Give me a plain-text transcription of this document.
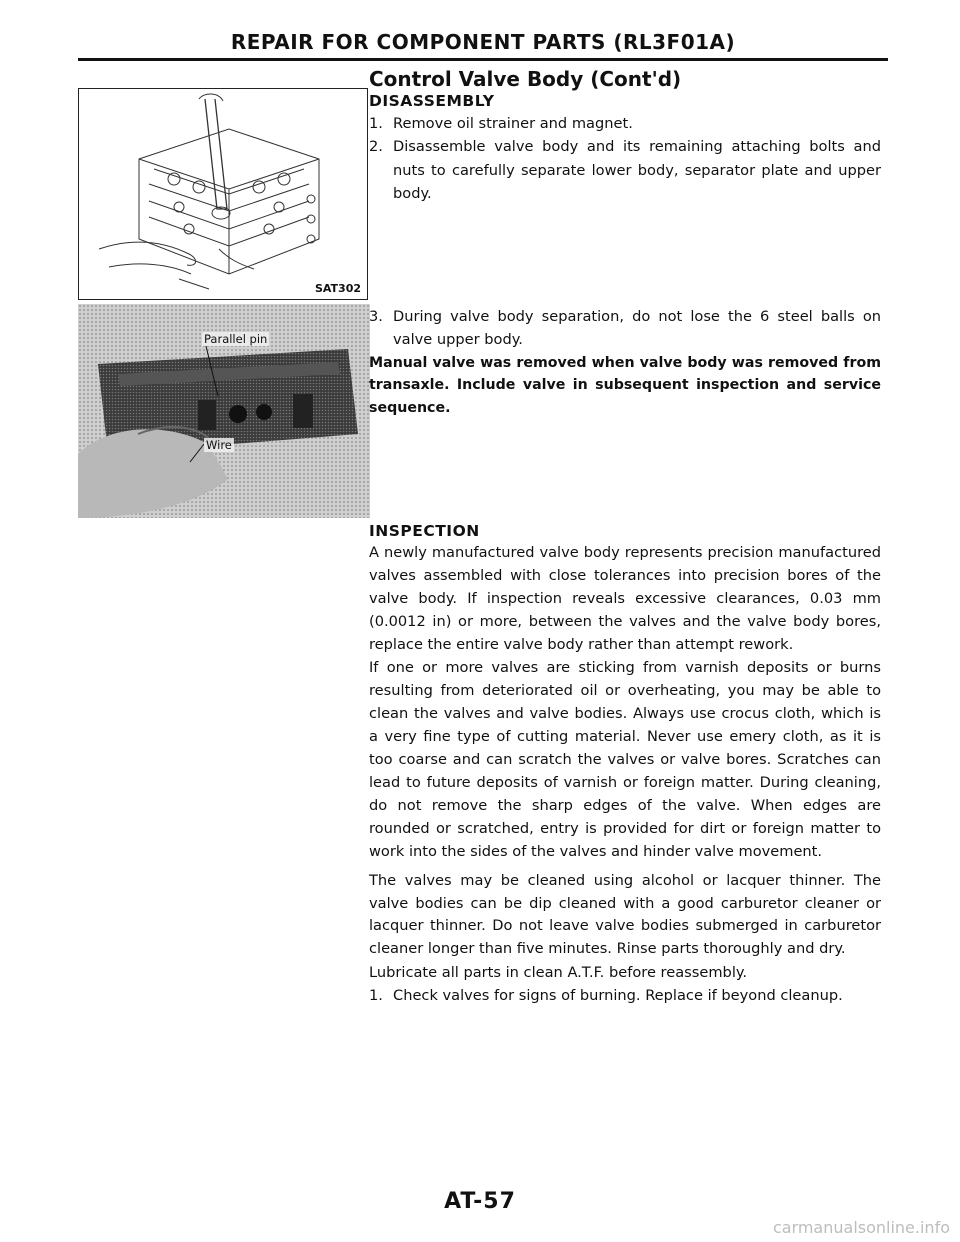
REPAIR FOR COMPONENT PARTS (RL3F01A)
SAT302
Parallel pin
Wire
Control Valve Body (Cont'd)
DISASSEMBLY
1. Remove oil strainer and magnet.
2. Disassemble valve body and its remaining attaching bolts and nuts to carefully separate lower body, separator plate and upper body.
3. During valve body separation, do not lose the 6 steel balls on valve upper body.
Manual valve was removed when valve body was removed from transaxle. Include valve in subsequent inspection and service sequence.
INSPECTION

A newly manufactured valve body represents precision manufactured valves assembled with close tolerances into precision bores of the valve body. If inspection reveals excessive clearances, 0.03 mm (0.0012 in) or more, between the valves and the valve body bores, replace the entire valve body rather than attempt rework.

If one or more valves are sticking from varnish deposits or burns resulting from deteriorated oil or overheating, you may be able to clean the valves and valve bodies. Always use crocus cloth, which is a very fine type of cutting material. Never use emery cloth, as it is too coarse and can scratch the valves or valve bores. Scratches can lead to future deposits of varnish or foreign matter. During cleaning, do not remove the sharp edges of the valve. When edges are rounded or scratched, entry is provided for dirt or foreign matter to work into the sides of the valves and hinder valve movement.

The valves may be cleaned using alcohol or lacquer thinner. The valve bodies can be dip cleaned with a good carburetor cleaner or lacquer thinner. Do not leave valve bodies submerged in carburetor cleaner longer than five minutes. Rinse parts thoroughly and dry.

Lubricate all parts in clean A.T.F. before reassembly.

1. Check valves for signs of burning. Replace if beyond cleanup.
AT-57
carmanualsonline.info
